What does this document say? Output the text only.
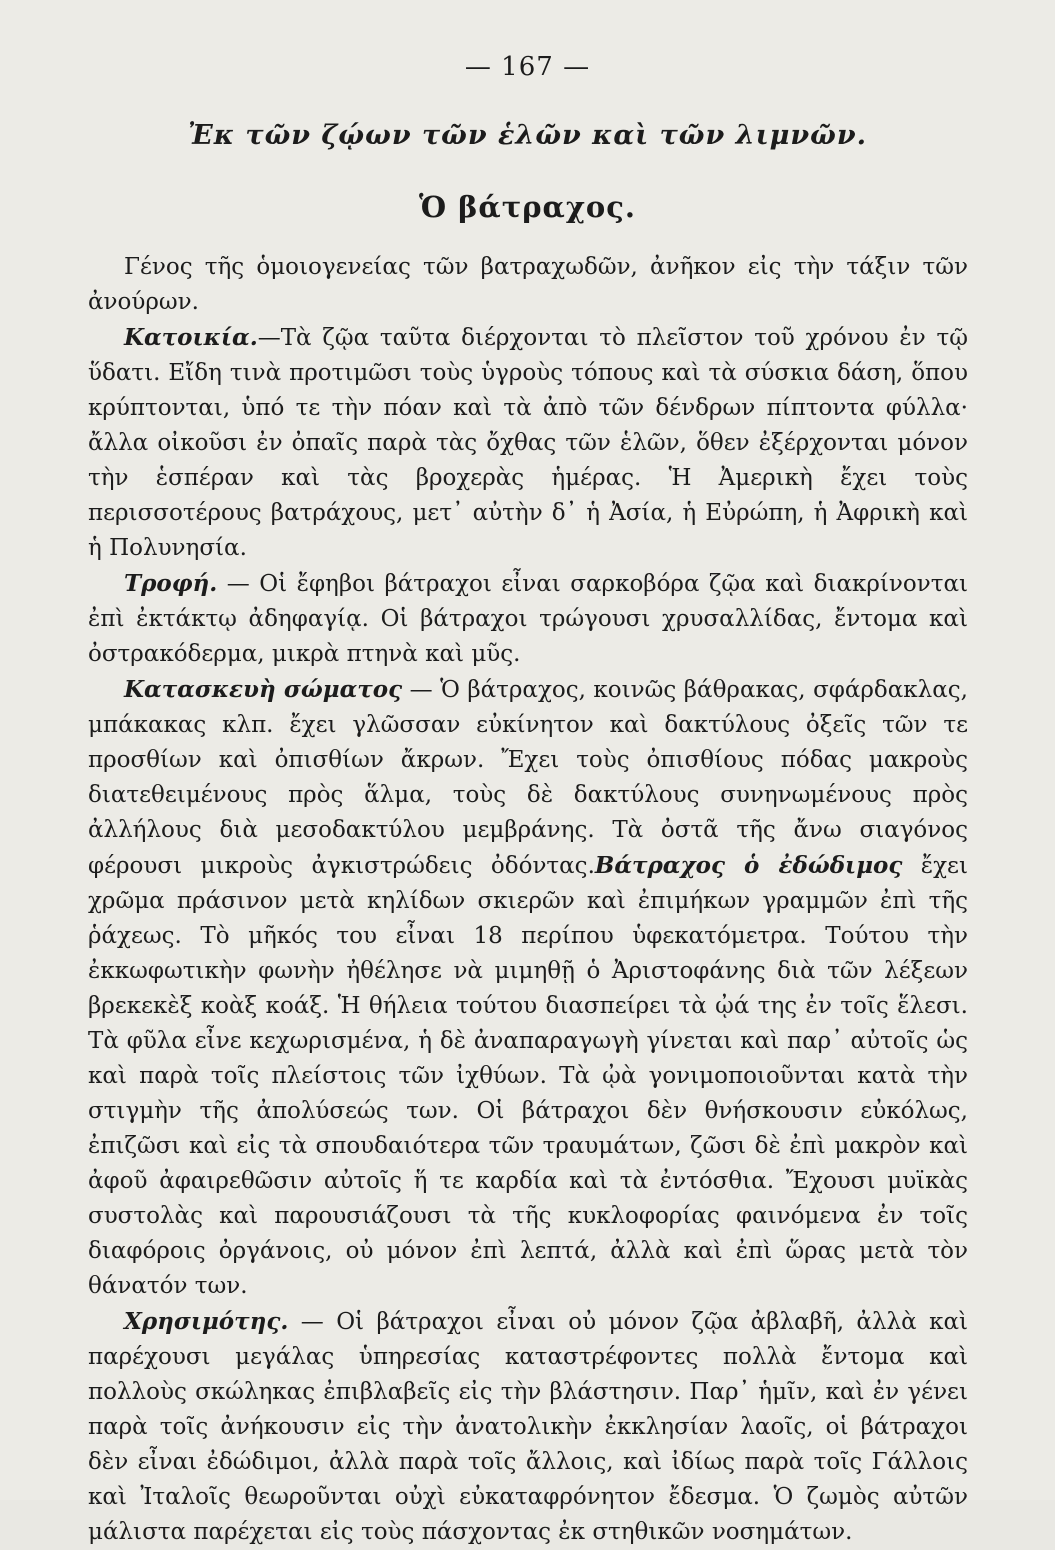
— 167 —
Ἐκ τῶν ζῴων τῶν ἑλῶν καὶ τῶν λιμνῶν.
Ὁ βάτραχος.

Γένος τῆς ὁμοιογενείας τῶν βατραχωδῶν, ἀνῆκον εἰς τὴν τάξιν τῶν ἀνούρων.

Κατοικία.—Τὰ ζῷα ταῦτα διέρχονται τὸ πλεῖστον τοῦ χρόνου ἐν τῷ ὕδατι. Εἴδη τινὰ προτιμῶσι τοὺς ὑγροὺς τόπους καὶ τὰ σύσκια δάση, ὅπου κρύπτονται, ὑπό τε τὴν πόαν καὶ τὰ ἀπὸ τῶν δένδρων πίπτοντα φύλλα· ἄλλα οἰκοῦσι ἐν ὀπαῖς παρὰ τὰς ὄχθας τῶν ἑλῶν, ὅθεν ἐξέρχονται μόνον τὴν ἑσπέραν καὶ τὰς βροχερὰς ἡμέρας. Ἡ Ἀμερικὴ ἔχει τοὺς περισσοτέρους βατράχους, μετ᾽ αὐτὴν δ᾽ ἡ Ἀσία, ἡ Εὐρώπη, ἡ Ἀφρικὴ καὶ ἡ Πολυνησία.

Τροφή. — Οἱ ἔφηβοι βάτραχοι εἶναι σαρκοβόρα ζῷα καὶ διακρίνονται ἐπὶ ἐκτάκτῳ ἀδηφαγίᾳ. Οἱ βάτραχοι τρώγουσι χρυσαλλίδας, ἔντομα καὶ ὀστρακόδερμα, μικρὰ πτηνὰ καὶ μῦς.

Κατασκευὴ σώματος — Ὁ βάτραχος, κοινῶς βάθρακας, σφάρδακλας, μπάκακας κλπ. ἔχει γλῶσσαν εὐκίνητον καὶ δακτύλους ὀξεῖς τῶν τε προσθίων καὶ ὀπισθίων ἄκρων. Ἔχει τοὺς ὀπισθίους πόδας μακροὺς διατεθειμένους πρὸς ἅλμα, τοὺς δὲ δακτύλους συνηνωμένους πρὸς ἀλλήλους διὰ μεσοδακτύλου μεμβράνης. Τὰ ὀστᾶ τῆς ἄνω σιαγόνος φέρουσι μικροὺς ἀγκιστρώδεις ὀδόντας.Βάτραχος ὁ ἐδώδιμος ἔχει χρῶμα πράσινον μετὰ κηλίδων σκιερῶν καὶ ἐπιμήκων γραμμῶν ἐπὶ τῆς ῥάχεως. Τὸ μῆκός του εἶναι 18 περίπου ὑφεκατόμετρα. Τούτου τὴν ἐκκωφωτικὴν φωνὴν ἠθέλησε νὰ μιμηθῇ ὁ Ἀριστοφάνης διὰ τῶν λέξεων βρεκεκὲξ κοὰξ κοάξ. Ἡ θήλεια τούτου διασπείρει τὰ ᾠά της ἐν τοῖς ἕλεσι. Τὰ φῦλα εἶνε κεχωρισμένα, ἡ δὲ ἀναπαραγωγὴ γίνεται καὶ παρ᾽ αὐτοῖς ὡς καὶ παρὰ τοῖς πλείστοις τῶν ἰχθύων. Τὰ ᾠὰ γονιμοποιοῦνται κατὰ τὴν στιγμὴν τῆς ἀπολύσεώς των. Οἱ βάτραχοι δὲν θνήσκουσιν εὐκόλως, ἐπιζῶσι καὶ εἰς τὰ σπουδαιότερα τῶν τραυμάτων, ζῶσι δὲ ἐπὶ μακρὸν καὶ ἀφοῦ ἀφαιρεθῶσιν αὐτοῖς ἥ τε καρδία καὶ τὰ ἐντόσθια. Ἔχουσι μυϊκὰς συστολὰς καὶ παρουσιάζουσι τὰ τῆς κυκλοφορίας φαινόμενα ἐν τοῖς διαφόροις ὀργάνοις, οὐ μόνον ἐπὶ λεπτά, ἀλλὰ καὶ ἐπὶ ὥρας μετὰ τὸν θάνατόν των.

Χρησιμότης. — Οἱ βάτραχοι εἶναι οὐ μόνον ζῷα ἀβλαβῆ, ἀλλὰ καὶ παρέχουσι μεγάλας ὑπηρεσίας καταστρέφοντες πολλὰ ἔντομα καὶ πολλοὺς σκώληκας ἐπιβλαβεῖς εἰς τὴν βλάστησιν. Παρ᾽ ἡμῖν, καὶ ἐν γένει παρὰ τοῖς ἀνήκουσιν εἰς τὴν ἀνατολικὴν ἐκκλησίαν λαοῖς, οἱ βάτραχοι δὲν εἶναι ἐδώδιμοι, ἀλλὰ παρὰ τοῖς ἄλλοις, καὶ ἰδίως παρὰ τοῖς Γάλλοις καὶ Ἰταλοῖς θεωροῦνται οὐχὶ εὐκαταφρόνητον ἔδεσμα. Ὁ ζωμὸς αὐτῶν μάλιστα παρέχεται εἰς τοὺς πάσχοντας ἐκ στηθικῶν νοσημάτων.
